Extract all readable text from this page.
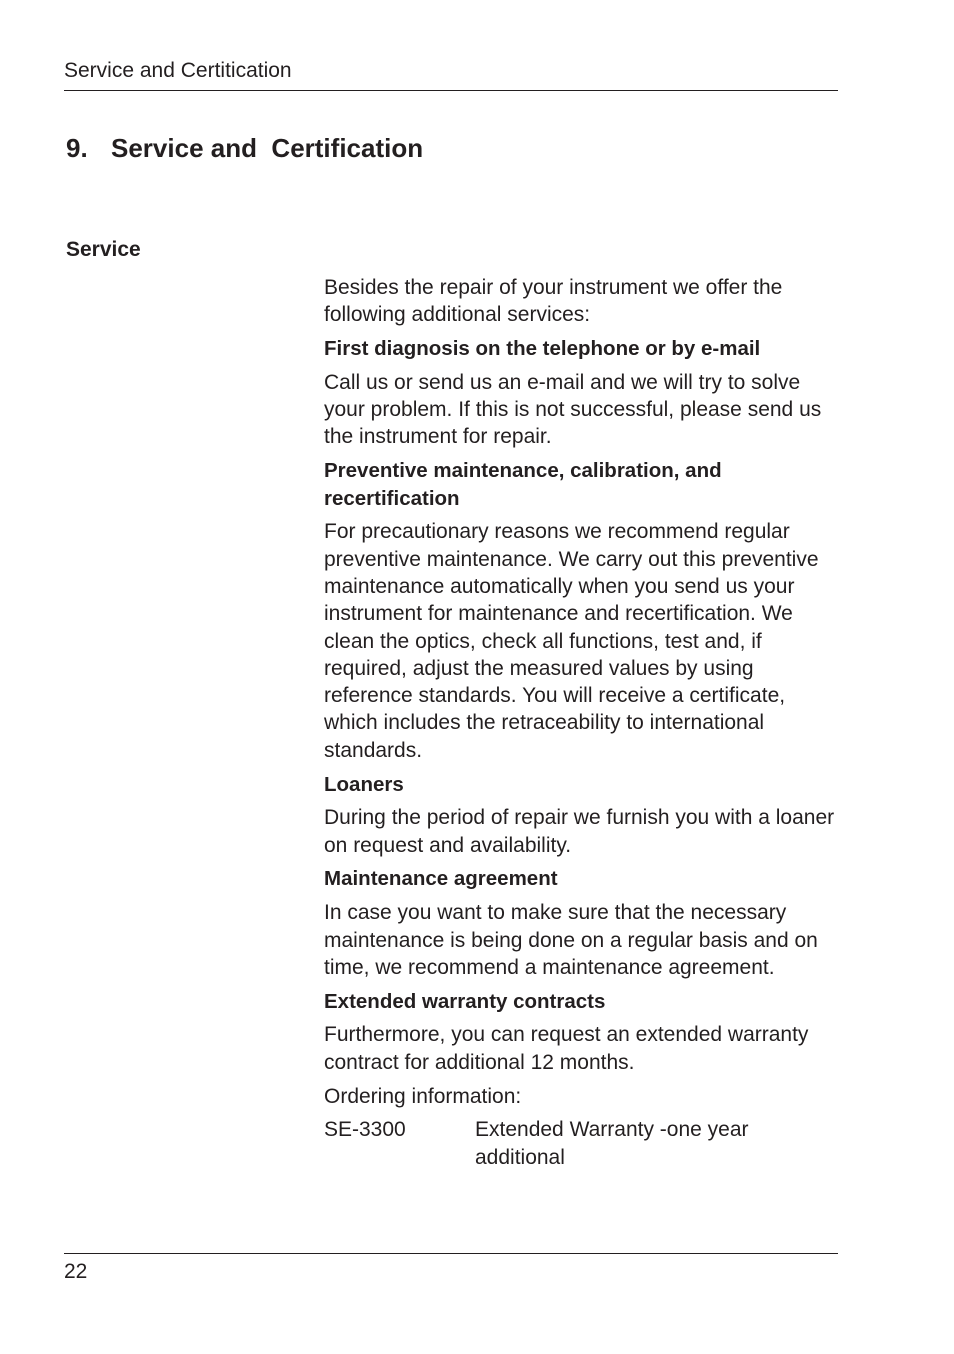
Service and Certitication
9. Service and  Certification
Service

Besides the repair of your instrument we offer the following additional services:

First diagnosis on the telephone or by e-mail

Call us or send us an e-mail and we will try to solve your problem. If this is not successful, please send us the instrument for repair.

Preventive maintenance, calibration, and recertification

For precautionary reasons we recommend regular preventive maintenance. We carry out this preventive maintenance automatically when you send us your instrument for maintenance and recertification. We clean the optics, check all functions, test and, if required, adjust the measured values by using reference standards. You will receive a certificate, which includes the retraceability to international standards.

Loaners

During the period of repair we furnish you with a loaner on request and availability.

Maintenance agreement

In case you want to make sure that the necessary maintenance is being done on a regular basis and on time, we recommend a maintenance agreement.

Extended warranty contracts

Furthermore, you can request an extended warranty contract for additional 12 months.

Ordering information:

SE-3300	Extended Warranty -one year additional
22
